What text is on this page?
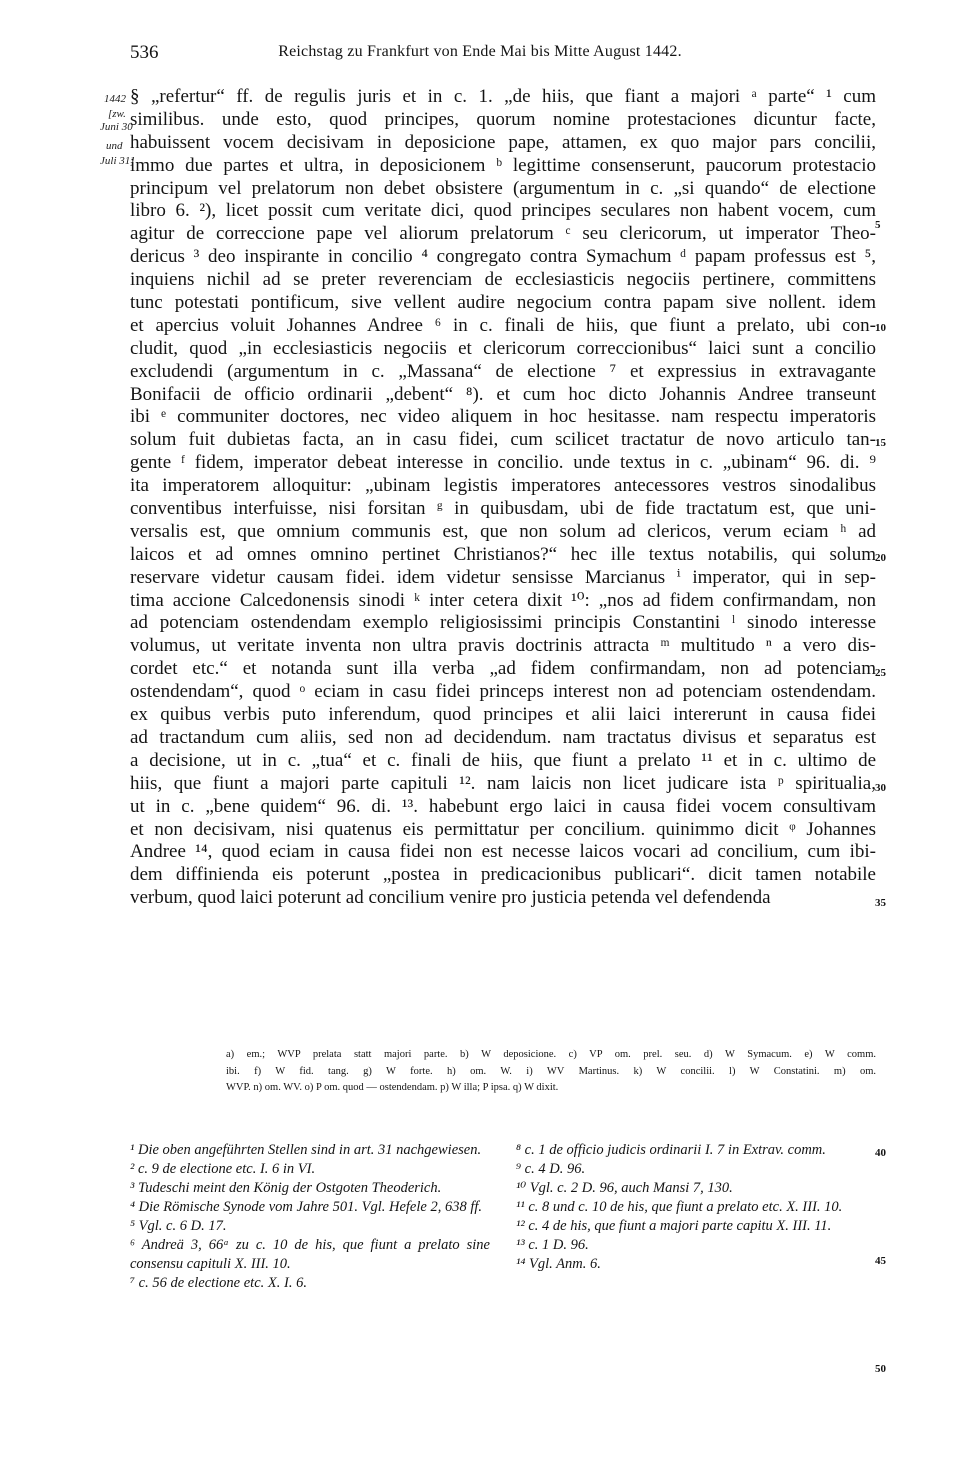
536	Reichstag zu Frankfurt von Ende Mai bis Mitte August 1442.
1442
[zw.
Juni 30
und
Juli 31]
§ „refertur“ ff. de regulis juris et in c. 1. „de hiis, que fiant a majori ᵃ parte“ ¹ cum
similibus. unde esto, quod principes, quorum nomine protestaciones dicuntur facte,
habuissent vocem decisivam in deposicione pape, attamen, ex quo major pars concilii,
immo due partes et ultra, in deposicionem ᵇ legittime consenserunt, paucorum protestacio
principum vel prelatorum non debet obsistere (argumentum in c. „si quando“ de electione
libro 6. ²), licet possit cum veritate dici, quod principes seculares non habent vocem, cum
agitur de correccione pape vel aliorum prelatorum ᶜ seu clericorum, ut imperator Theo-
dericus ³ deo inspirante in concilio ⁴ congregato contra Symachum ᵈ papam professus est ⁵,
inquiens nichil ad se preter reverenciam de ecclesiasticis negociis pertinere, committens
tunc potestati pontificum, sive vellent audire negocium contra papam sive nollent. idem
et apercius voluit Johannes Andree ⁶ in c. finali de hiis, que fiunt a prelato, ubi con-
cludit, quod „in ecclesiasticis negociis et clericorum correccionibus“ laici sunt a concilio
excludendi (argumentum in c. „Massana“ de electione ⁷ et expressius in extravagante
Bonifacii de officio ordinarii „debent“ ⁸). et cum hoc dicto Johannis Andree transeunt
ibi ᵉ communiter doctores, nec video aliquem in hoc hesitasse. nam respectu imperatoris
solum fuit dubietas facta, an in casu fidei, cum scilicet tractatur de novo articulo tan-
gente ᶠ fidem, imperator debeat interesse in concilio. unde textus in c. „ubinam“ 96. di. ⁹
ita imperatorem alloquitur: „ubinam legistis imperatores antecessores vestros sinodalibus
conventibus interfuisse, nisi forsitan ᵍ in quibusdam, ubi de fide tractatum est, que uni-
versalis est, que omnium communis est, que non solum ad clericos, verum eciam ʰ ad
laicos et ad omnes omnino pertinet Christianos?“ hec ille textus notabilis, qui solum
reservare videtur causam fidei. idem videtur sensisse Marcianus ⁱ imperator, qui in sep-
tima accione Calcedonensis sinodi ᵏ inter cetera dixit ¹⁰: „nos ad fidem confirmandam, non
ad potenciam ostendendam exemplo religiosissimi principis Constantini ˡ sinodo interesse
volumus, ut veritate inventa non ultra pravis doctrinis attracta ᵐ multitudo ⁿ a vero dis-
cordet etc.“ et notanda sunt illa verba „ad fidem confirmandam, non ad potenciam
ostendendam“, quod ᵒ eciam in casu fidei princeps interest non ad potenciam ostendendam.
ex quibus verbis puto inferendum, quod principes et alii laici intererunt in causa fidei
ad tractandum cum aliis, sed non ad decidendum. nam tractatus divisus et separatus est
a decisione, ut in c. „tua“ et c. finali de hiis, que fiunt a prelato ¹¹ et in c. ultimo de
hiis, que fiunt a majori parte capituli ¹². nam laicis non licet judicare ista ᵖ spiritualia,
ut in c. „bene quidem“ 96. di. ¹³. habebunt ergo laici in causa fidei vocem consultivam
et non decisivam, nisi quatenus eis permittatur per concilium. quinimmo dicit ᵠ Johannes
Andree ¹⁴, quod eciam in causa fidei non est necesse laicos vocari ad concilium, cum ibi-
dem diffinienda eis poterunt „postea in predicacionibus publicari“. dicit tamen notabile
verbum, quod laici poterunt ad concilium venire pro justicia petenda vel defendenda
5
10
15
20
25
30
35
a) em.; WVP prelata statt majori parte. b) W deposicione. c) VP om. prel. seu. d) W Symacum. e) W comm.
ibi. f) W fid. tang. g) W forte. h) om. W. i) WV Martinus. k) W concilii. l) W Constatini. m) om.
WVP. n) om. WV. o) P om. quod — ostendendam. p) W illa; P ipsa. q) W dixit.
¹ Die oben angeführten Stellen sind in art. 31 nachgewiesen.
² c. 9 de electione etc. I. 6 in VI.
³ Tudeschi meint den König der Ostgoten Theoderich.
⁴ Die Römische Synode vom Jahre 501. Vgl. Hefele 2, 638 ff.
⁵ Vgl. c. 6 D. 17.
⁶ Andreä 3, 66ᵃ zu c. 10 de his, que fiunt a prelato sine consensu capituli X. III. 10.
⁷ c. 56 de electione etc. X. I. 6.
⁸ c. 1 de officio judicis ordinarii I. 7 in Extrav. comm.
⁹ c. 4 D. 96.
¹⁰ Vgl. c. 2 D. 96, auch Mansi 7, 130.
¹¹ c. 8 und c. 10 de his, que fiunt a prelato etc. X. III. 10.
¹² c. 4 de his, que fiunt a majori parte capitu X. III. 11.
¹³ c. 1 D. 96.
¹⁴ Vgl. Anm. 6.
40
45
50
